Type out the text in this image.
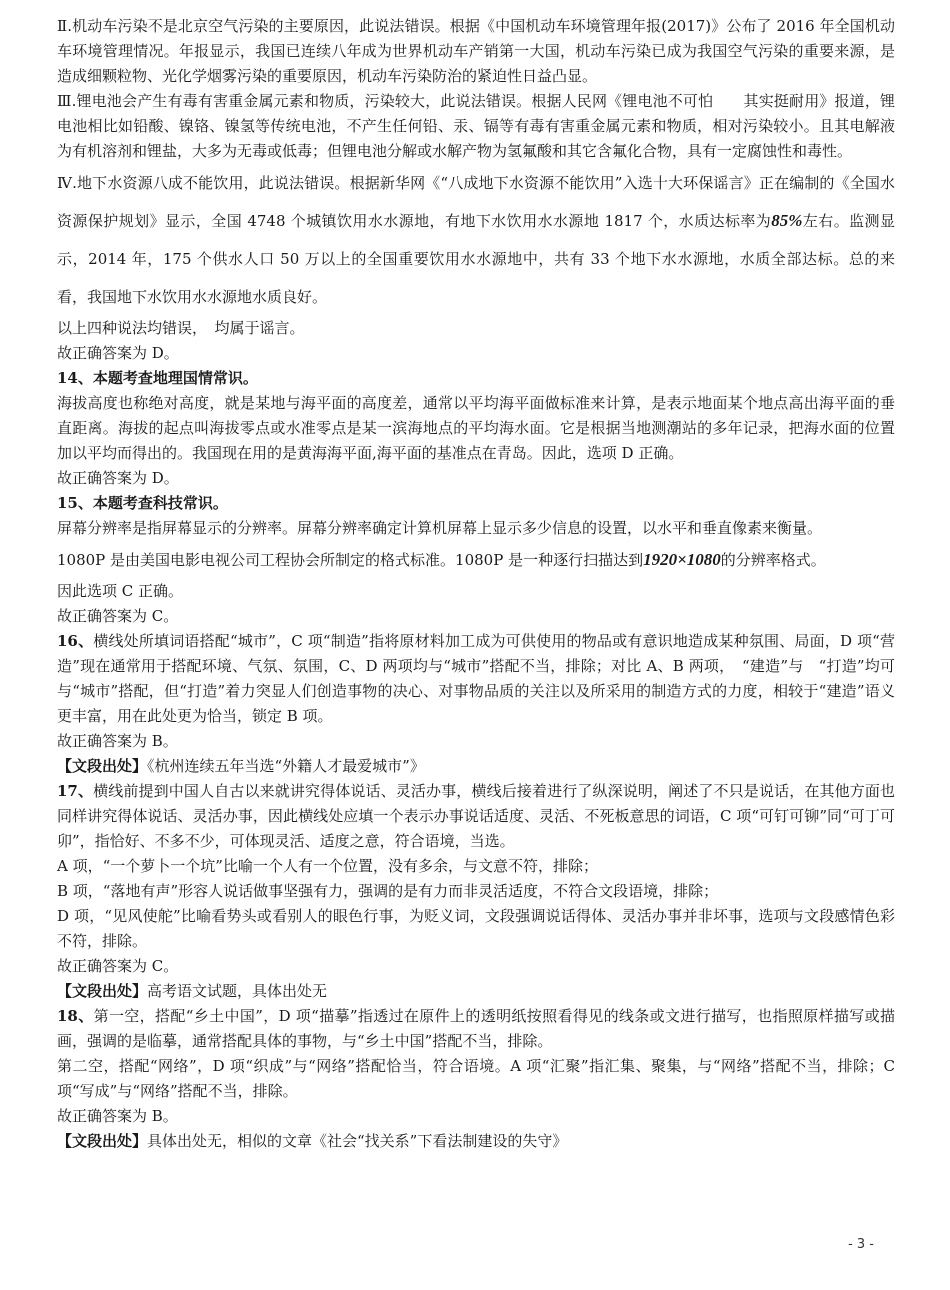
Ⅱ.机动车污染不是北京空气污染的主要原因，此说法错误。根据《中国机动车环境管理年报(2017)》公布了 2016 年全国机动车环境管理情况。年报显示，我国已连续八年成为世界机动车产销第一大国，机动车污染已成为我国空气污染的重要来源，是造成细颗粒物、光化学烟雾污染的重要原因，机动车污染防治的紧迫性日益凸显。

Ⅲ.锂电池会产生有毒有害重金属元素和物质，污染较大，此说法错误。根据人民网《锂电池不可怕　　其实挺耐用》报道，锂电池相比如铅酸、镍铬、镍氢等传统电池，不产生任何铅、汞、镉等有毒有害重金属元素和物质，相对污染较小。且其电解液为有机溶剂和锂盐，大多为无毒或低毒；但锂电池分解或水解产物为氢氟酸和其它含氟化合物，具有一定腐蚀性和毒性。

Ⅳ.地下水资源八成不能饮用，此说法错误。根据新华网《“八成地下水资源不能饮用”入选十大环保谣言》正在编制的《全国水资源保护规划》显示，全国 4748 个城镇饮用水水源地，有地下水饮用水水源地 1817 个，水质达标率为85%左右。监测显示，2014 年，175 个供水人口 50 万以上的全国重要饮用水水源地中，共有 33 个地下水水源地，水质全部达标。总的来看，我国地下水饮用水水源地水质良好。

以上四种说法均错误，　均属于谣言。

故正确答案为 D。

14、本题考查地理国情常识。

海拔高度也称绝对高度，就是某地与海平面的高度差，通常以平均海平面做标准来计算，是表示地面某个地点高出海平面的垂直距离。海拔的起点叫海拔零点或水准零点是某一滨海地点的平均海水面。它是根据当地测潮站的多年记录，把海水面的位置加以平均而得出的。我国现在用的是黄海海平面,海平面的基准点在青岛。因此，选项 D 正确。

故正确答案为 D。

15、本题考查科技常识。

屏幕分辨率是指屏幕显示的分辨率。屏幕分辨率确定计算机屏幕上显示多少信息的设置，以水平和垂直像素来衡量。

1080P 是由美国电影电视公司工程协会所制定的格式标准。1080P 是一种逐行扫描达到1920×1080的分辨率格式。

因此选项 C 正确。

故正确答案为 C。

16、横线处所填词语搭配“城市”，C 项“制造”指将原材料加工成为可供使用的物品或有意识地造成某种氛围、局面，D 项“营造”现在通常用于搭配环境、气氛、氛围，C、D 两项均与“城市”搭配不当，排除；对比 A、B 两项，　“建造”与　“打造”均可与“城市”搭配，但“打造”着力突显人们创造事物的决心、对事物品质的关注以及所采用的制造方式的力度，相较于“建造”语义更丰富，用在此处更为恰当，锁定 B 项。

故正确答案为 B。

【文段出处】《杭州连续五年当选“外籍人才最爱城市”》

17、横线前提到中国人自古以来就讲究得体说话、灵活办事，横线后接着进行了纵深说明，阐述了不只是说话，在其他方面也同样讲究得体说话、灵活办事，因此横线处应填一个表示办事说话适度、灵活、不死板意思的词语，C 项“可钉可铆”同“可丁可卯”，指恰好、不多不少，可体现灵活、适度之意，符合语境，当选。

A 项，“一个萝卜一个坑”比喻一个人有一个位置，没有多余，与文意不符，排除；

B 项，“落地有声”形容人说话做事坚强有力，强调的是有力而非灵活适度，不符合文段语境，排除；

D 项，“见风使舵”比喻看势头或看别人的眼色行事，为贬义词，文段强调说话得体、灵活办事并非坏事，选项与文段感情色彩不符，排除。

故正确答案为 C。

【文段出处】高考语文试题，具体出处无

18、第一空，搭配“乡土中国”，D 项“描摹”指透过在原件上的透明纸按照看得见的线条或文进行描写，也指照原样描写或描画，强调的是临摹，通常搭配具体的事物，与“乡土中国”搭配不当，排除。

第二空，搭配“网络”，D 项“织成”与“网络”搭配恰当，符合语境。A 项“汇聚”指汇集、聚集，与“网络”搭配不当，排除；C 项“写成”与“网络”搭配不当，排除。

故正确答案为 B。

【文段出处】具体出处无，相似的文章《社会“找关系”下看法制建设的失守》

- 3 -
